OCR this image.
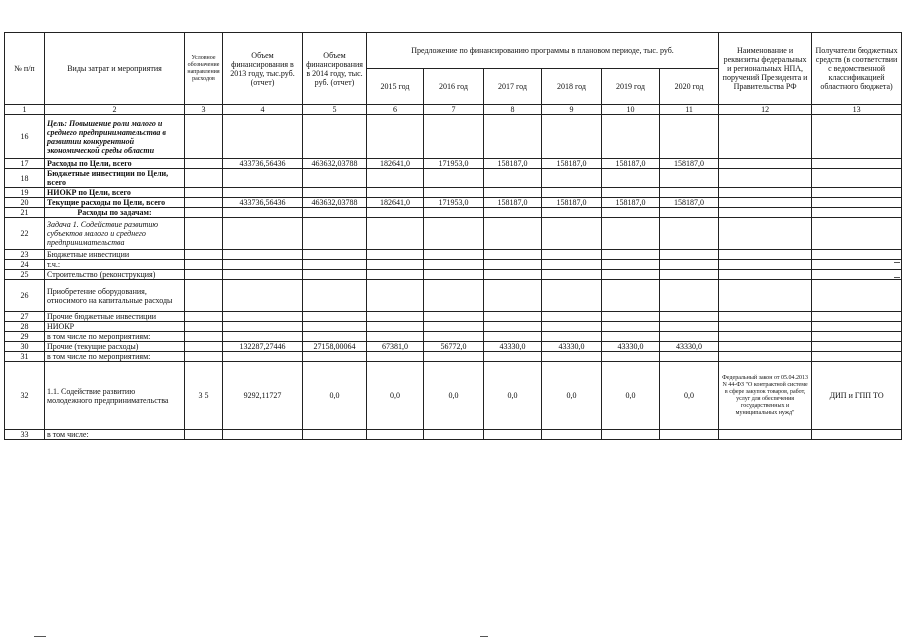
№ п/п	Виды затрат и мероприятия	Условное обозначение направления расходов	Объем финансирования в 2013 году, тыс.руб. (отчет)	Объем финансирования в 2014 году, тыс. руб. (отчет)	Предложение по финансированию программы в плановом периоде, тыс. руб.						Наименование и реквизиты федеральных и региональных НПА, поручений Президента и Правительства РФ	Получатели бюджетных средств (в соответствии с ведомственной классификацией областного бюджета)
					2015 год	2016 год	2017 год	2018 год	2019 год	2020 год		
1	2	3	4	5	6	7	8	9	10	11	12	13
16	Цель: Повышение роли малого и среднего предпринимательства в развитии конкурентной экономической среды области											
17	Расходы по Цели, всего		433736,56436	463632,03788	182641,0	171953,0	158187,0	158187,0	158187,0	158187,0		
18	Бюджетные инвестиции по Цели, всего											
19	НИОКР по Цели, всего											
20	Текущие расходы по Цели, всего		433736,56436	463632,03788	182641,0	171953,0	158187,0	158187,0	158187,0	158187,0		
21	Расходы по задачам:											
22	Задача 1. Содействие развитию субъектов малого и среднего предпринимательства											
23	Бюджетные инвестиции											
24	т.ч.:											
25	Строительство (реконструкция)											
26	Приобретение оборудования, относимого на капитальные расходы											
27	Прочие бюджетные инвестиции											
28	НИОКР											
29	в том числе по мероприятиям:											
30	Прочие (текущие расходы)		132287,27446	27158,00064	67381,0	56772,0	43330,0	43330,0	43330,0	43330,0		
31	в том числе по мероприятиям:											
32	1.1. Содействие развитию молодежного предпринимательства	3 5	9292,11727	0,0	0,0	0,0	0,0	0,0	0,0	0,0	Федеральный закон от 05.04.2013 N 44-ФЗ "О контрактной системе в сфере закупок товаров, работ, услуг для обеспечения государственных и муниципальных нужд"	ДИП и ГПП ТО
33	в том числе:											
